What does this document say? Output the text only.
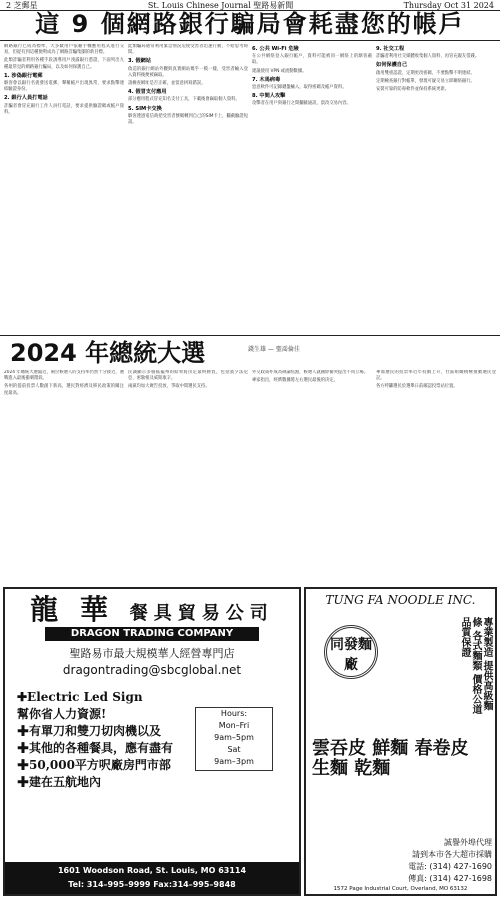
2 芝郵星	St. Louis Chinese Journal 聖路易新聞	Thursday Oct 31 2024
這 9 個網路銀行騙局會耗盡您的帳戶

網路銀行已成為標準，大多數用戶依賴手機應用程式進行交易，但從有到這種便利成為了網路詐騙集團的新目標。

此類詐騙者利用各種手段誘導用戶洩露銀行憑證，下面列出九種最常見的網路銀行騙局，以及如何保護自己。

1. 涉偽銀行電郵

駭客會以銀行名義發送電郵，聲稱帳戶出現異常，要求點擊連結驗證身份。

2. 銀行人員打電話

詐騙者會冒充銀行工作人員打電話，要求提供驗證碼或帳戶資料。

此類騙局通常利用緊急情況迫使受害者迅速行動，不給思考時間。

3. 假網站

偽造的銀行網站外觀與真實網站幾乎一模一樣，受害者輸入登入資料後便被竊取。

請檢查網址是否正確，並留意拼寫錯誤。

4. 假冒支付應用

部分應用程式冒充知名支付工具，下載後會竊取個人資料。

5. SIM卡交換

駭客透過電信商把受害者號碼轉到自己的SIM卡上，攔截驗證短訊。

6. 公共 Wi-Fi 危險

在公共網絡登入銀行帳戶，資料可能被同一網絡上的駭客截取。

建議使用 VPN 或流動數據。

7. 木馬病毒

惡意軟件可記錄鍵盤輸入，取得密碼及帳戶資料。

8. 中間人攻擊

攻擊者在用戶與銀行之間攔截通訊，竄改交易內容。

9. 社交工程

詐騙者利用社交媒體收集個人資料，再冒充親友借錢。

如何保護自己

啟用雙重認證，定期更改密碼，不要點擊不明連結。

定期檢查銀行對帳單，發現可疑交易立即聯絡銀行。

安裝可靠的防毒軟件並保持系統更新。

2024 年總統大選	錢生雄 — 聖喬倫佳

2024 年總統大選臨近，兩位候選人的支持率仍然十分接近，選戰進入最後衝刺階段。

各州的提前投票人數創下新高，選民對經濟及移民政策的關注度最高。

民調顯示多個搖擺州的結果將決定最終勝負，包括賓夕法尼亞、密歇根及威斯康辛。

兩黨均加大廣告投放，爭取中間選民支持。

外交政策亦成為辯論焦點，候選人就國際衝突提出不同立場。

專家指出，經濟數據將左右選民最後的決定。

華裔選民的投票率近年持續上升，社區組織積極推動選民登記。

各方呼籲選民於選舉日前確認投票站位置。

龍 華 餐具貿易公司
DRAGON TRADING COMPANY
聖路易市最大規模華人經營專門店
dragontrading@sbcglobal.net
✚Electric Led Sign
幫你省人力資源!
✚有單刀和雙刀切肉機以及
✚其他的各種餐具，應有盡有
✚50,000平方呎廠房門市部
✚建在五航地內
Hours:
Mon–Fri
9am–5pm
Sat
9am–3pm
1601 Woodson Road, St. Louis, MO 63114
Tel: 314–995–9999 Fax:314–995–9848
TUNG FA NOODLE INC.
同發麵廠	專業製造 提供高級麵條 各式麵類 價格公道 品質保證
雲吞皮 鮮麵 春卷皮 生麵 乾麵
誠譽外埠代理
請到本市各大超市採購
電話: (314) 427-1690
傳真: (314) 427-1698
1572 Page Industrial Court, Overland, MO 63132
